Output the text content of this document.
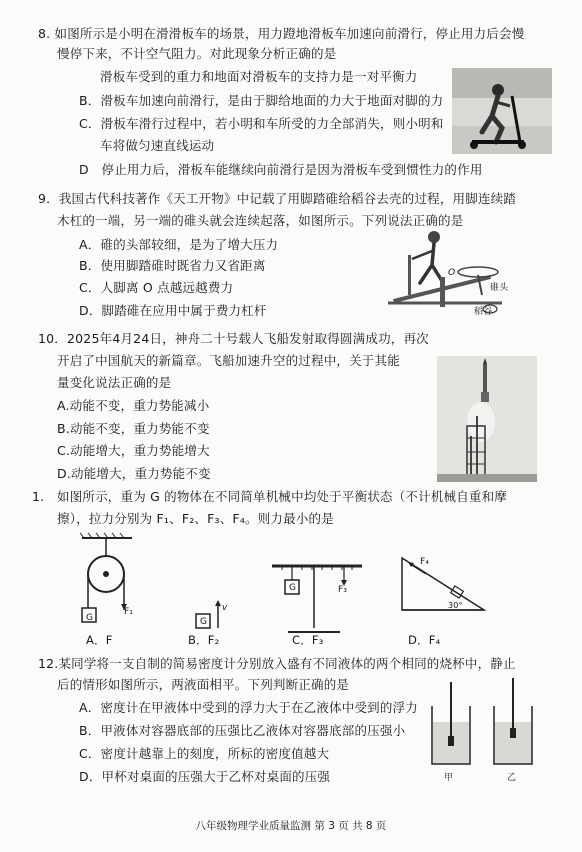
8. 如图所示是小明在滑滑板车的场景，用力蹬地滑板车加速向前滑行，停止用力后会慢
慢停下来，不计空气阻力。对此现象分析正确的是
滑板车受到的重力和地面对滑板车的支持力是一对平衡力
B．滑板车加速向前滑行，是由于脚给地面的力大于地面对脚的力
C．滑板车滑行过程中，若小明和车所受的力全部消失，则小明和
车将做匀速直线运动
D　停止用力后，滑板车能继续向前滑行是因为滑板车受到惯性力的作用
9．我国古代科技著作《天工开物》中记载了用脚踏碓给稻谷去壳的过程，用脚连续踏
木杠的一端，另一端的碓头就会连续起落，如图所示。下列说法正确的是
A．碓的头部较细，是为了增大压力
B．使用脚踏碓时既省力又省距离
C．人脚离 O 点越远越费力
D．脚踏碓在应用中属于费力杠杆
O
碓头
稻谷
10．2025年4月24日，神舟二十号载人飞船发射取得圆满成功，再次
开启了中国航天的新篇章。飞船加速升空的过程中，关于其能
量变化说法正确的是
A.动能不变，重力势能减小
B.动能不变，重力势能不变
C.动能增大，重力势能增大
D.动能增大，重力势能不变
1. 如图所示，重为 G 的物体在不同简单机械中均处于平衡状态（不计机械自重和摩
擦），拉力分别为 F₁、F₂、F₃、F₄。则力最小的是
G
F₁
G
v
G	F₃
F₄
30°
A．F	B．F₂	C．F₃	D．F₄
12.某同学将一支自制的简易密度计分别放入盛有不同液体的两个相同的烧杯中，静止
后的情形如图所示，两液面相平。下列判断正确的是
A．密度计在甲液体中受到的浮力大于在乙液体中受到的浮力
B．甲液体对容器底部的压强比乙液体对容器底部的压强小
C．密度计越靠上的刻度，所标的密度值越大
D．甲杯对桌面的压强大于乙杯对桌面的压强	甲	乙
八年级物理学业质量监测 第 3 页 共 8 页
